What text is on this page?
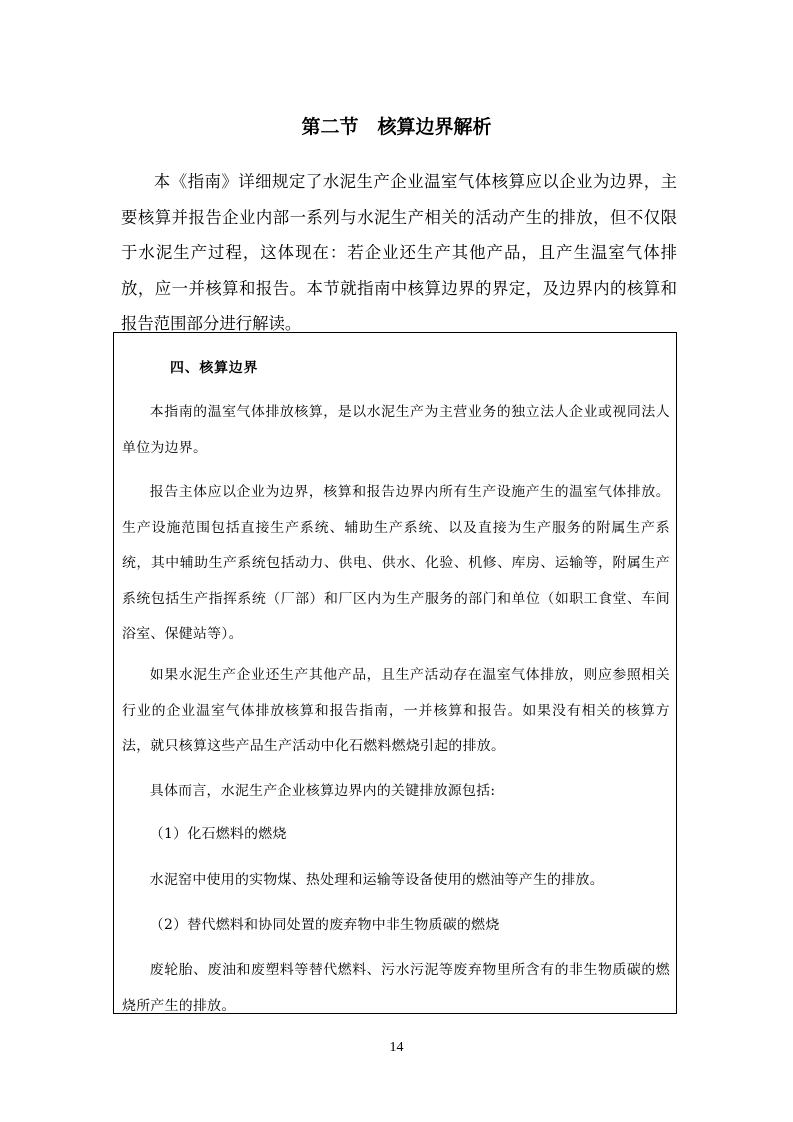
第二节　核算边界解析

本《指南》详细规定了水泥生产企业温室气体核算应以企业为边界，主要核算并报告企业内部一系列与水泥生产相关的活动产生的排放，但不仅限于水泥生产过程，这体现在：若企业还生产其他产品，且产生温室气体排放，应一并核算和报告。本节就指南中核算边界的界定，及边界内的核算和报告范围部分进行解读。

四、核算边界

本指南的温室气体排放核算，是以水泥生产为主营业务的独立法人企业或视同法人单位为边界。

报告主体应以企业为边界，核算和报告边界内所有生产设施产生的温室气体排放。生产设施范围包括直接生产系统、辅助生产系统、以及直接为生产服务的附属生产系统，其中辅助生产系统包括动力、供电、供水、化验、机修、库房、运输等，附属生产系统包括生产指挥系统（厂部）和厂区内为生产服务的部门和单位（如职工食堂、车间浴室、保健站等）。

如果水泥生产企业还生产其他产品，且生产活动存在温室气体排放，则应参照相关行业的企业温室气体排放核算和报告指南，一并核算和报告。如果没有相关的核算方法，就只核算这些产品生产活动中化石燃料燃烧引起的排放。

具体而言，水泥生产企业核算边界内的关键排放源包括:

（1）化石燃料的燃烧

水泥窑中使用的实物煤、热处理和运输等设备使用的燃油等产生的排放。

（2）替代燃料和协同处置的废弃物中非生物质碳的燃烧

废轮胎、废油和废塑料等替代燃料、污水污泥等废弃物里所含有的非生物质碳的燃烧所产生的排放。

14
